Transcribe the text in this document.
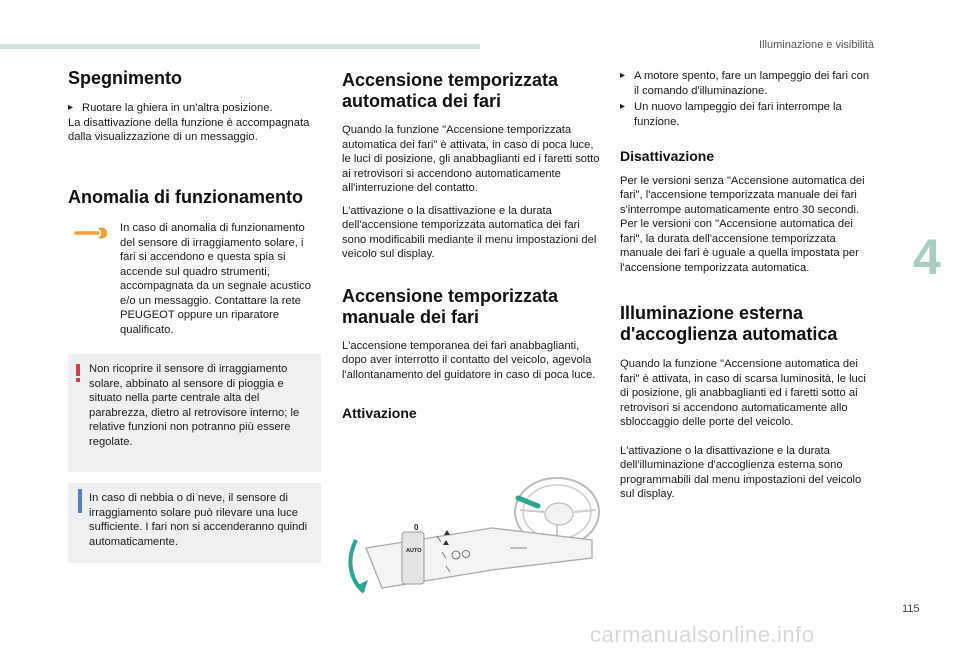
Illuminazione e visibilità
4
Spegnimento
▸ Ruotare la ghiera in un'altra posizione.

La disattivazione della funzione è accompagnata dalla visualizzazione di un messaggio.

Anomalia di funzionamento
In caso di anomalia di funzionamento del sensore di irraggiamento solare, i fari si accendono e questa spia si accende sul quadro strumenti, accompagnata da un segnale acustico e/o un messaggio. Contattare la rete PEUGEOT oppure un riparatore qualificato.
Non ricoprire il sensore di irraggiamento solare, abbinato al sensore di pioggia e situato nella parte centrale alta del parabrezza, dietro al retrovisore interno; le relative funzioni non potranno più essere regolate.
In caso di nebbia o di neve, il sensore di irraggiamento solare può rilevare una luce sufficiente. I fari non si accenderanno quindi automaticamente.
Accensione temporizzata automatica dei fari

Quando la funzione "Accensione temporizzata automatica dei fari" è attivata, in caso di poca luce, le luci di posizione, gli anabbaglianti ed i faretti sotto ai retrovisori si accendono automaticamente all'interruzione del contatto.

L'attivazione o la disattivazione e la durata dell'accensione temporizzata automatica dei fari sono modificabili mediante il menu impostazioni del veicolo sul display.

Accensione temporizzata manuale dei fari

L'accensione temporanea dei fari anabbaglianti, dopo aver interrotto il contatto del veicolo, agevola l'allontanamento del guidatore in caso di poca luce.

Attivazione
0
AUTO
▸ A motore spento, fare un lampeggio dei fari con il comando d'illuminazione.
▸ Un nuovo lampeggio dei fari interrompe la funzione.
Disattivazione

Per le versioni senza "Accensione automatica dei fari", l'accensione temporizzata manuale dei fari s'interrompe automaticamente entro 30 secondi.
Per le versioni con "Accensione automatica dei fari", la durata dell'accensione temporizzata manuale dei fari è uguale a quella impostata per l'accensione temporizzata automatica.

Illuminazione esterna d'accoglienza automatica

Quando la funzione "Accensione automatica dei fari" è attivata, in caso di scarsa luminosità, le luci di posizione, gli anabbaglianti ed i faretti sotto ai retrovisori si accendono automaticamente allo sbloccaggio delle porte del veicolo.

L'attivazione o la disattivazione e la durata dell'illuminazione d'accoglienza esterna sono programmabili dal menu impostazioni del veicolo sul display.

115
carmanualsonline.info
